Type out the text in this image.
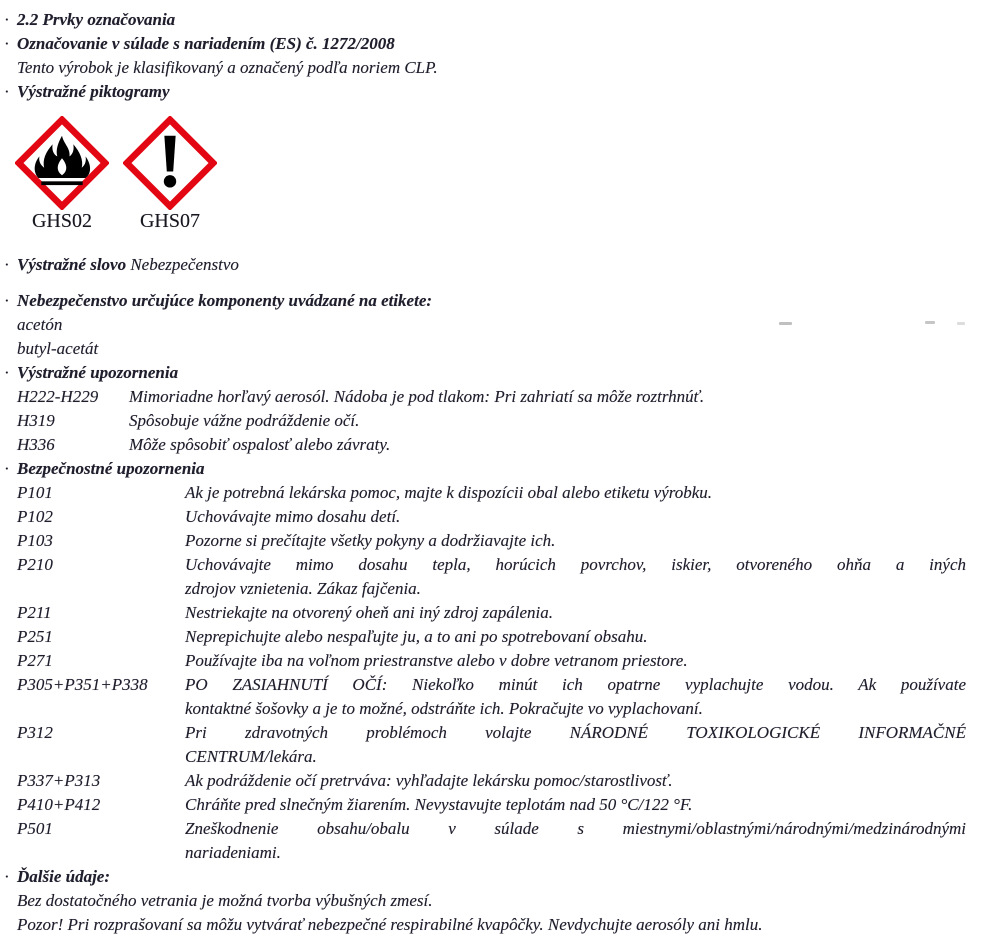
· 2.2 Prvky označovania
· Označovanie v súlade s nariadením (ES) č. 1272/2008
Tento výrobok je klasifikovaný a označený podľa noriem CLP.
· Výstražné piktogramy
GHS02 GHS07
· Výstražné slovo Nebezpečenstvo
· Nebezpečenstvo určujúce komponenty uvádzané na etikete:
acetón
butyl-acetát
· Výstražné upozornenia
H222-H229	Mimoriadne horľavý aerosól. Nádoba je pod tlakom: Pri zahriatí sa môže roztrhnúť.
H319	Spôsobuje vážne podráždenie očí.
H336	Môže spôsobiť ospalosť alebo závraty.
· Bezpečnostné upozornenia
P101	Ak je potrebná lekárska pomoc, majte k dispozícii obal alebo etiketu výrobku.
P102	Uchovávajte mimo dosahu detí.
P103	Pozorne si prečítajte všetky pokyny a dodržiavajte ich.
P210	Uchovávajte mimo dosahu tepla, horúcich povrchov, iskier, otvoreného ohňa a iných
zdrojov vznietenia. Zákaz fajčenia.
P211	Nestriekajte na otvorený oheň ani iný zdroj zapálenia.
P251	Neprepichujte alebo nespaľujte ju, a to ani po spotrebovaní obsahu.
P271	Používajte iba na voľnom priestranstve alebo v dobre vetranom priestore.
P305+P351+P338	PO ZASIAHNUTÍ OČÍ: Niekoľko minút ich opatrne vyplachujte vodou. Ak používate
kontaktné šošovky a je to možné, odstráňte ich. Pokračujte vo vyplachovaní.
P312	Pri zdravotných problémoch volajte NÁRODNÉ TOXIKOLOGICKÉ INFORMAČNÉ
CENTRUM/lekára.
P337+P313	Ak podráždenie očí pretrváva: vyhľadajte lekársku pomoc/starostlivosť.
P410+P412	Chráňte pred slnečným žiarením. Nevystavujte teplotám nad 50 °C/122 °F.
P501	Zneškodnenie obsahu/obalu v súlade s miestnymi/oblastnými/národnými/medzinárodnými
nariadeniami.
· Ďalšie údaje:
Bez dostatočného vetrania je možná tvorba výbušných zmesí.
Pozor! Pri rozprašovaní sa môžu vytvárať nebezpečné respirabilné kvapôčky. Nevdychujte aerosóly ani hmlu.
